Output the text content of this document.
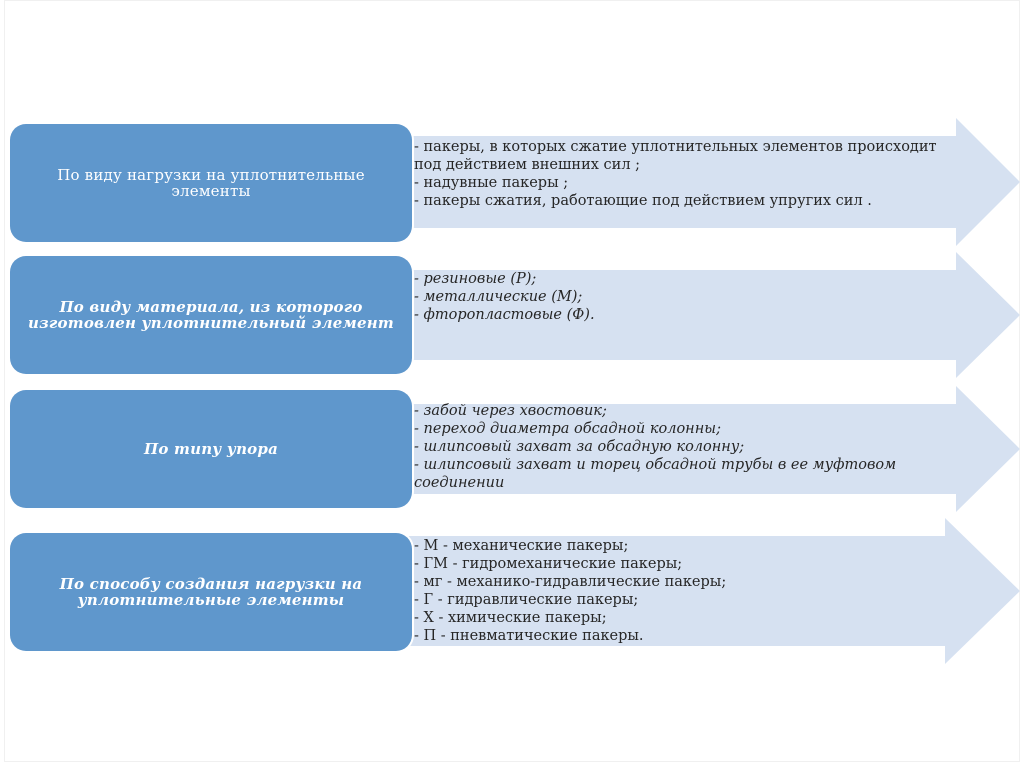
По виду нагрузки на уплотнительные элементы
- пакеры, в которых сжатие уплотнительных элементов происходит под действием внешних сил ;
- надувные пакеры ;
- пакеры сжатия, работающие под действием упругих сил .
По виду материала, из которого изготовлен уплотнительный элемент
- резиновые (Р);
- металлические (М);
- фторопластовые (Ф).
По типу упора
- забой через хвостовик;
- переход диаметра обсадной колонны;
- шлипсовый захват за обсадную колонну;
- шлипсовый захват и торец обсадной трубы в ее муфтовом соединении
По способу создания нагрузки на уплотнительные элементы
- М - механические пакеры;
- ГМ - гидромеханические пакеры;
- мг - механико-гидравлические пакеры;
- Г - гидравлические пакеры;
- X - химические пакеры;
- П - пневматические пакеры.
